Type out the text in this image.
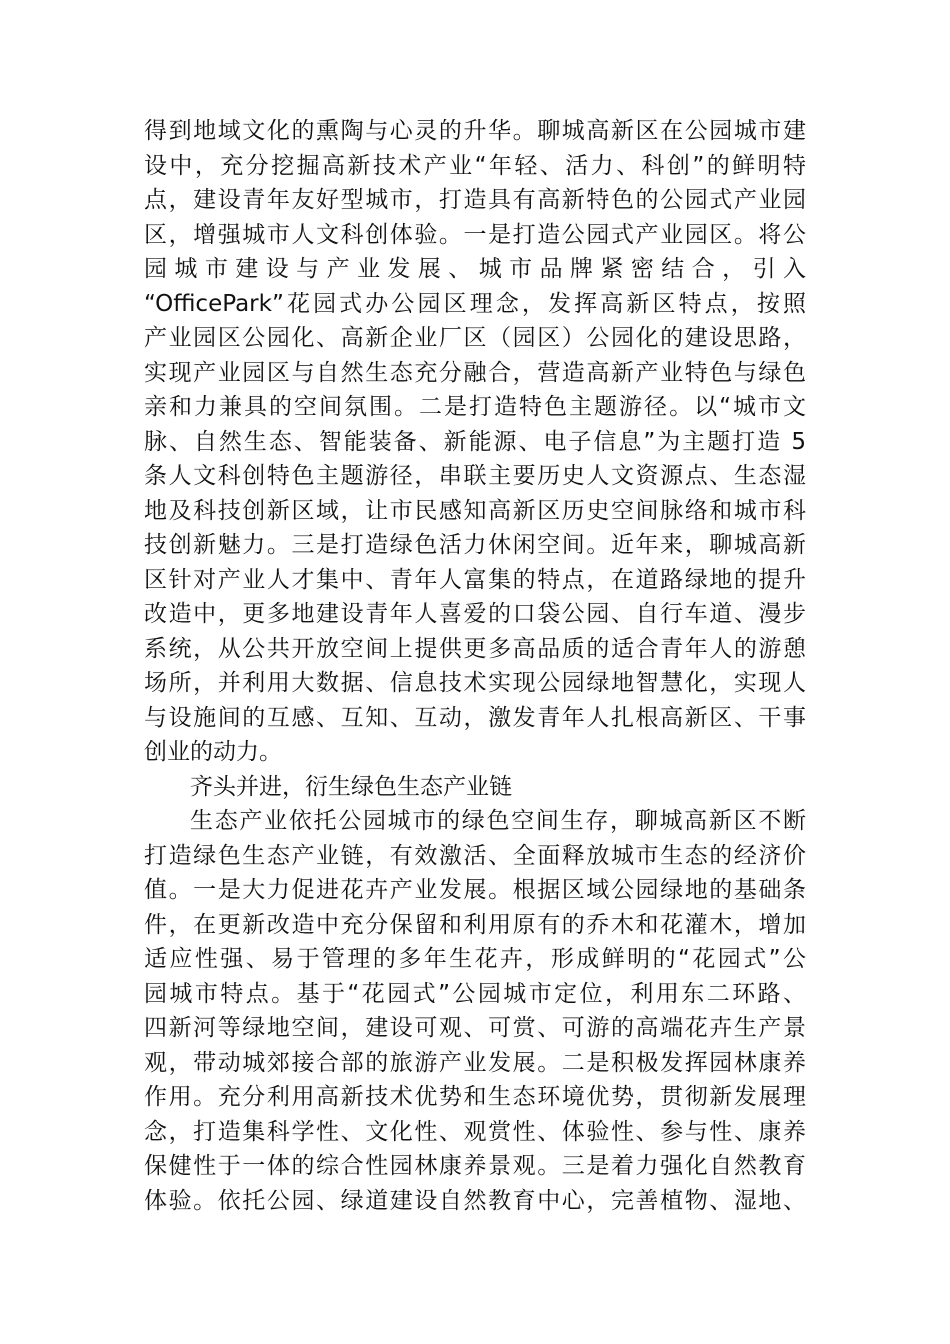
得到地域文化的熏陶与心灵的升华。聊城高新区在公园城市建
设中，充分挖掘高新技术产业“年轻、活力、科创”的鲜明特
点，建设青年友好型城市，打造具有高新特色的公园式产业园
区，增强城市人文科创体验。一是打造公园式产业园区。将公
园城市建设与产业发展、城市品牌紧密结合，引入
“OfficePark”花园式办公园区理念，发挥高新区特点，按照
产业园区公园化、高新企业厂区（园区）公园化的建设思路，
实现产业园区与自然生态充分融合，营造高新产业特色与绿色
亲和力兼具的空间氛围。二是打造特色主题游径。以“城市文
脉、自然生态、智能装备、新能源、电子信息”为主题打造 5
条人文科创特色主题游径，串联主要历史人文资源点、生态湿
地及科技创新区域，让市民感知高新区历史空间脉络和城市科
技创新魅力。三是打造绿色活力休闲空间。近年来，聊城高新
区针对产业人才集中、青年人富集的特点，在道路绿地的提升
改造中，更多地建设青年人喜爱的口袋公园、自行车道、漫步
系统，从公共开放空间上提供更多高品质的适合青年人的游憩
场所，并利用大数据、信息技术实现公园绿地智慧化，实现人
与设施间的互感、互知、互动，激发青年人扎根高新区、干事
创业的动力。
齐头并进，衍生绿色生态产业链
生态产业依托公园城市的绿色空间生存，聊城高新区不断
打造绿色生态产业链，有效激活、全面释放城市生态的经济价
值。一是大力促进花卉产业发展。根据区域公园绿地的基础条
件，在更新改造中充分保留和利用原有的乔木和花灌木，增加
适应性强、易于管理的多年生花卉，形成鲜明的“花园式”公
园城市特点。基于“花园式”公园城市定位，利用东二环路、
四新河等绿地空间，建设可观、可赏、可游的高端花卉生产景
观，带动城郊接合部的旅游产业发展。二是积极发挥园林康养
作用。充分利用高新技术优势和生态环境优势，贯彻新发展理
念，打造集科学性、文化性、观赏性、体验性、参与性、康养
保健性于一体的综合性园林康养景观。三是着力强化自然教育
体验。依托公园、绿道建设自然教育中心，完善植物、湿地、
